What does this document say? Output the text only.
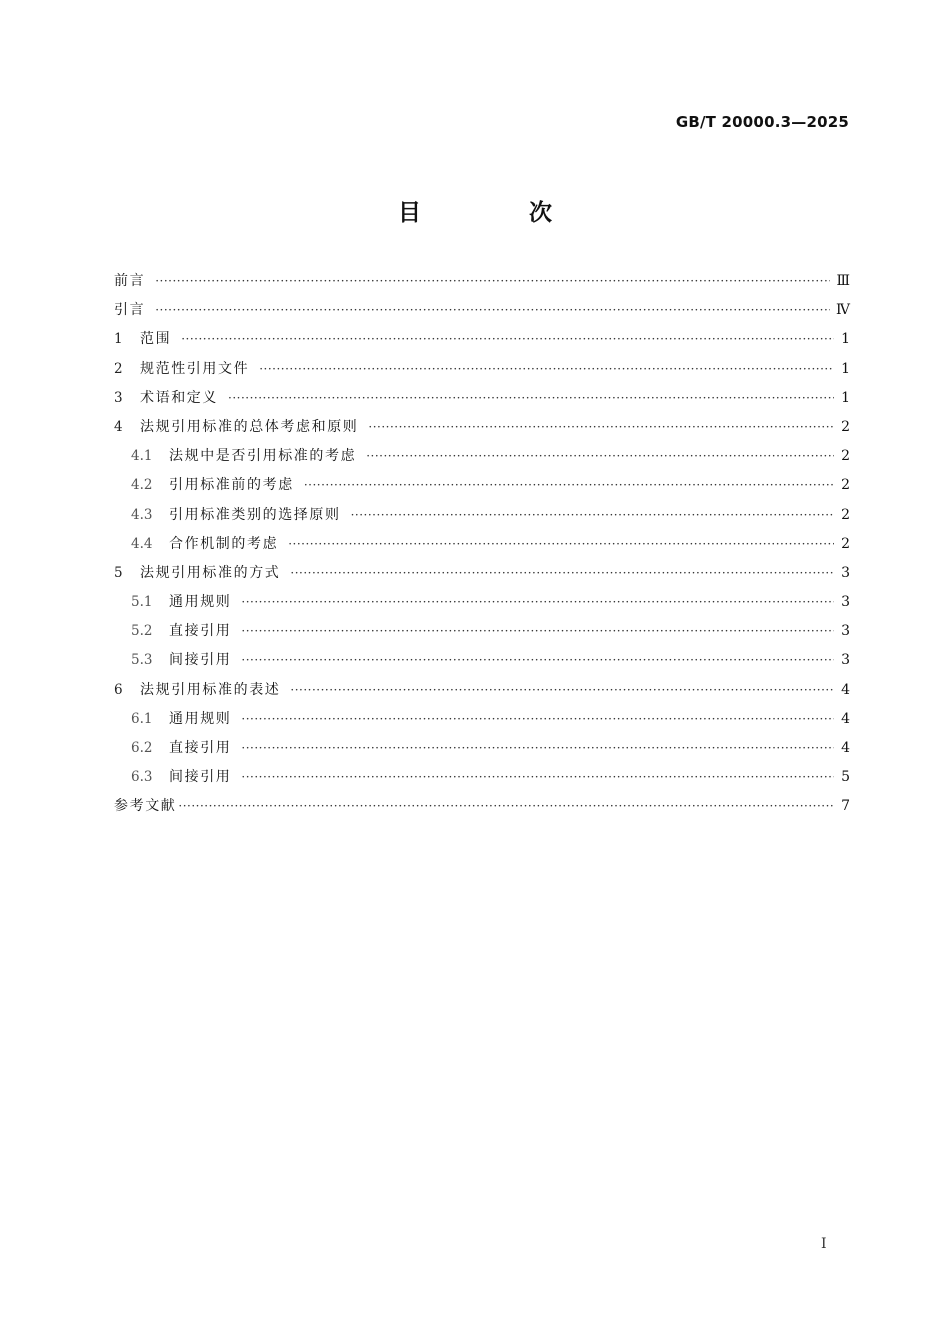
GB/T 20000.3—2025
目 次
前言 ·····	Ⅲ
引言 ·····	Ⅳ
1	范围 ·····	1
2	规范性引用文件 ·····	1
3	术语和定义 ·····	1
4	法规引用标准的总体考虑和原则 ·····	2
4.1	法规中是否引用标准的考虑 ·····	2
4.2	引用标准前的考虑 ·····	2
4.3	引用标准类别的选择原则 ·····	2
4.4	合作机制的考虑 ·····	2
5	法规引用标准的方式 ·····	3
5.1	通用规则 ·····	3
5.2	直接引用 ·····	3
5.3	间接引用 ·····	3
6	法规引用标准的表述 ·····	4
6.1	通用规则 ·····	4
6.2	直接引用 ·····	4
6.3	间接引用 ·····	5
参考文献 ·····	7
I
